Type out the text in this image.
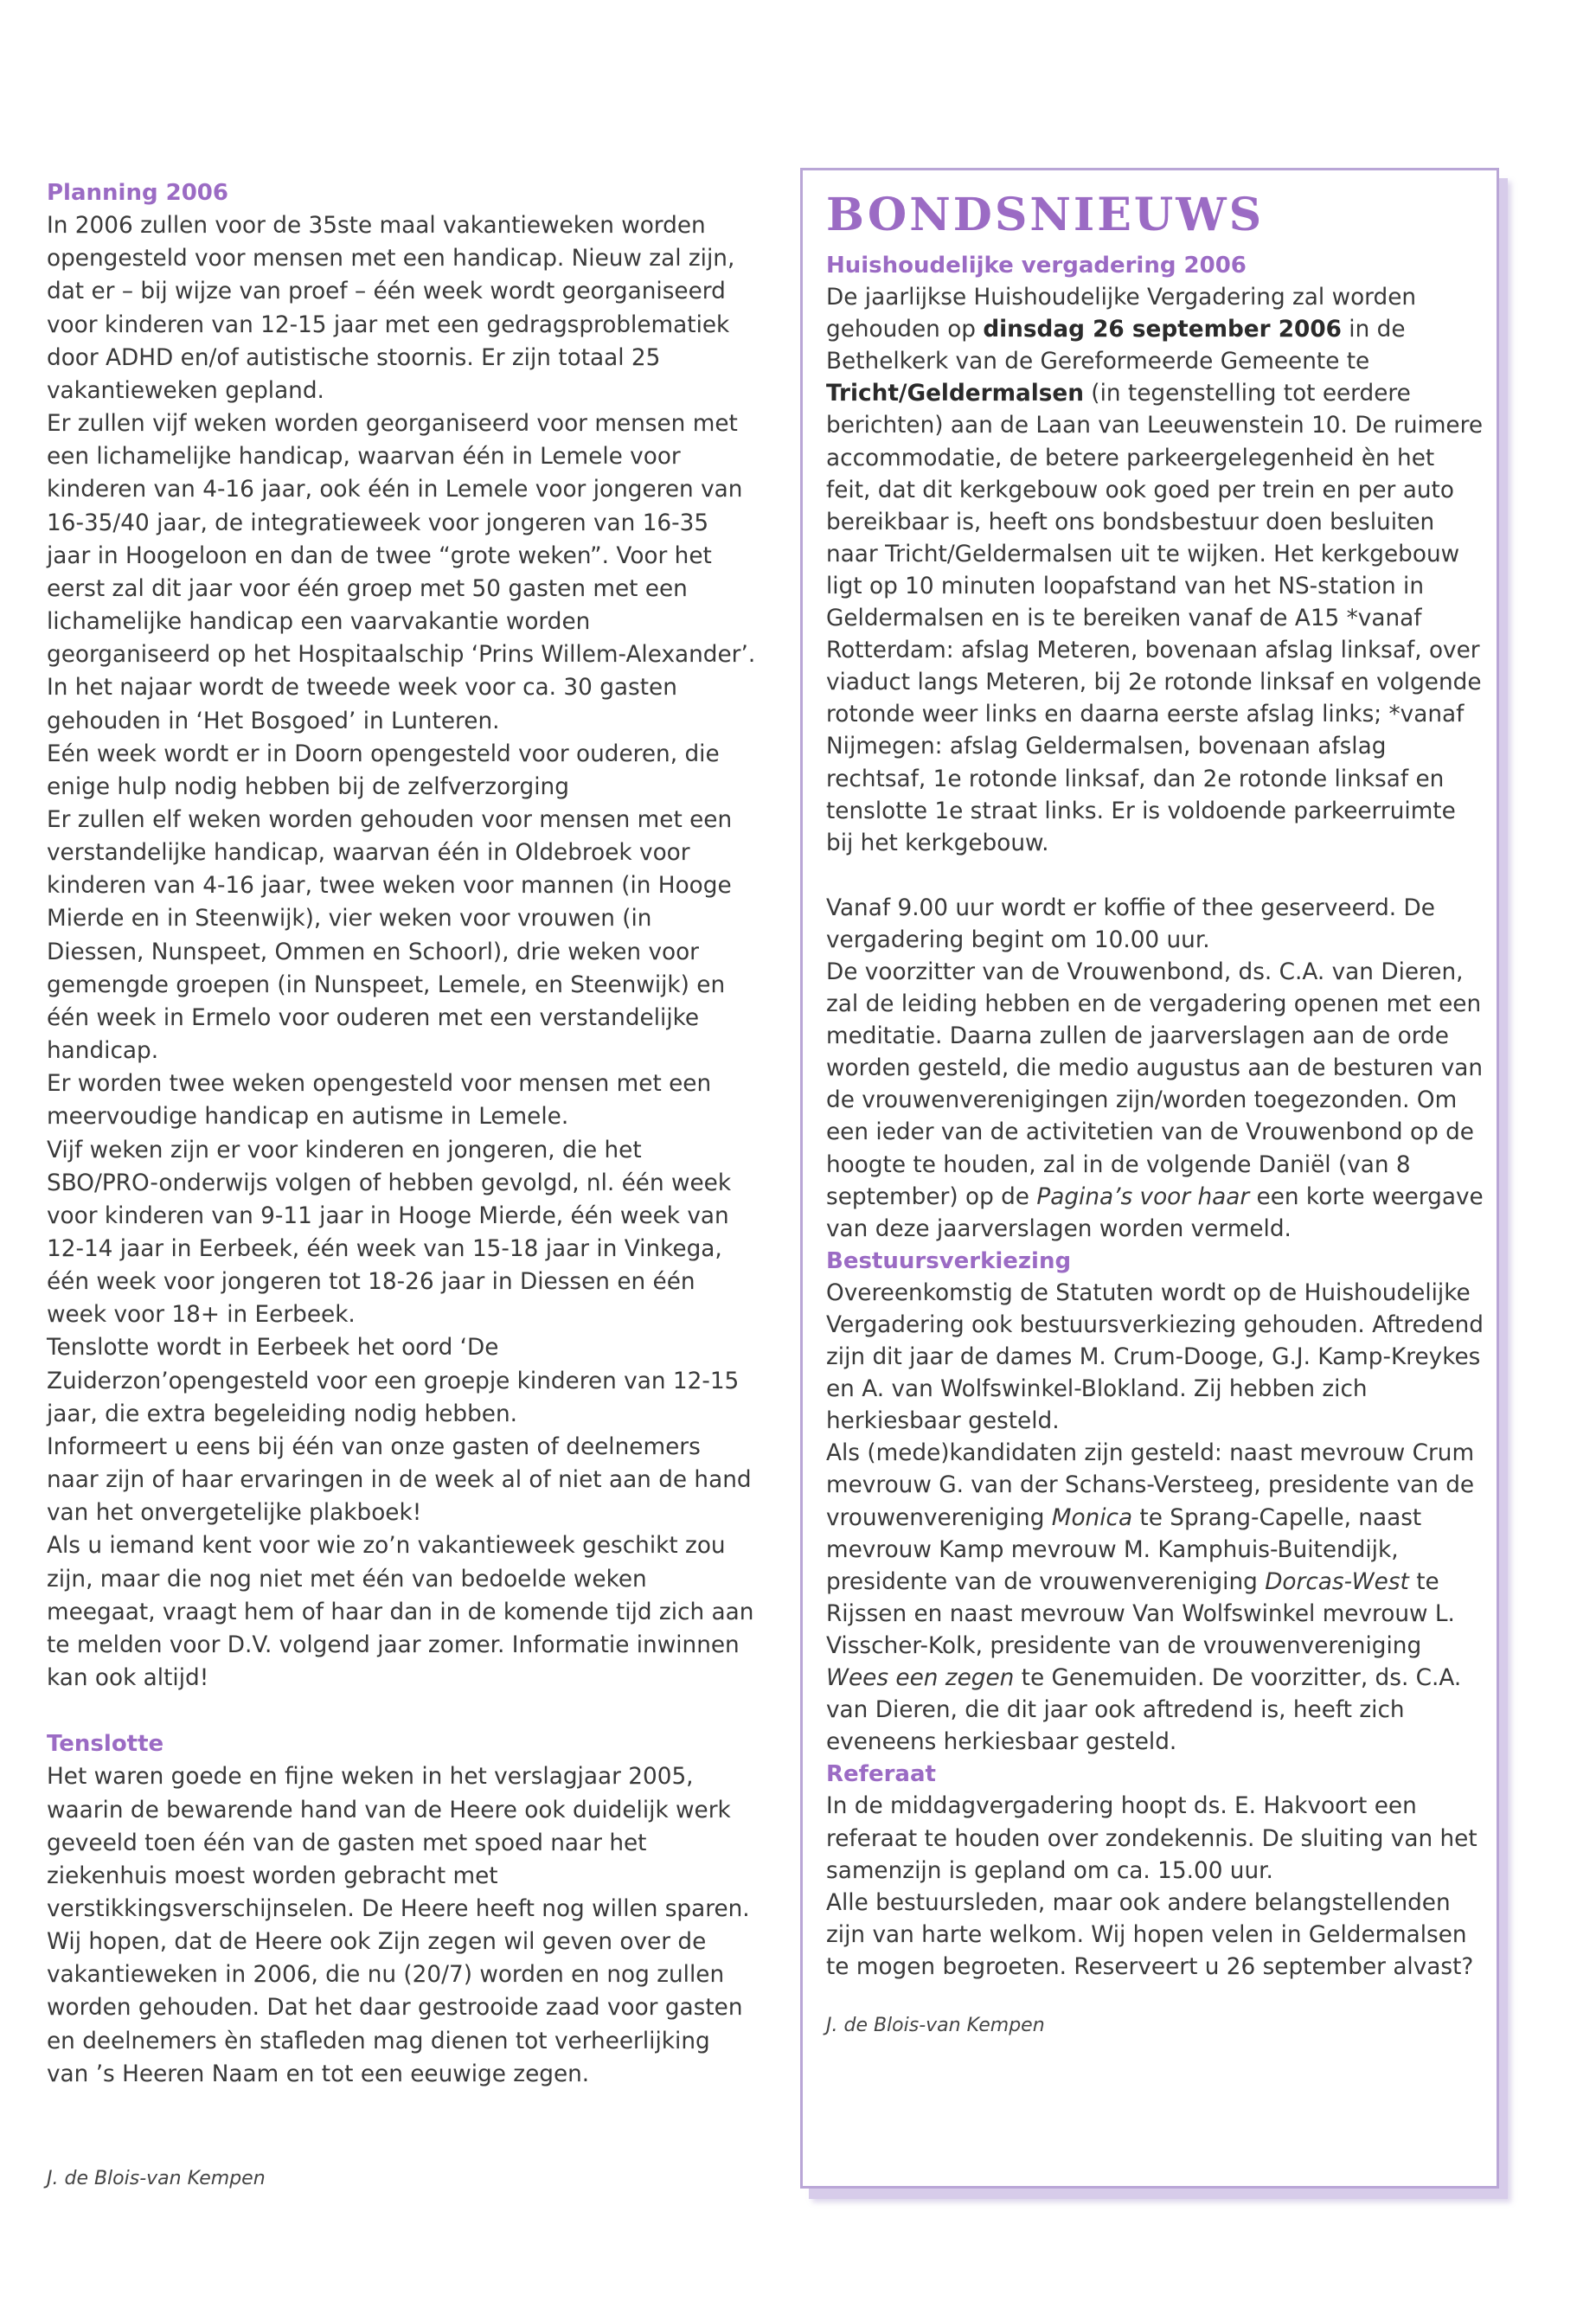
Planning 2006

In 2006 zullen voor de 35ste maal vakantieweken worden opengesteld voor mensen met een handicap. Nieuw zal zijn, dat er – bij wijze van proef – één week wordt georganiseerd voor kinderen van 12-15 jaar met een gedragsproblematiek door ADHD en/of autistische stoornis. Er zijn totaal 25 vakantieweken gepland.

Er zullen vijf weken worden georganiseerd voor mensen met een lichamelijke handicap, waarvan één in Lemele voor kinderen van 4-16 jaar, ook één in Lemele voor jongeren van 16-35/40 jaar, de integratieweek voor jongeren van 16-35 jaar in Hoogeloon en dan de twee “grote weken”. Voor het eerst zal dit jaar voor één groep met 50 gasten met een lichamelijke handicap een vaarvakantie worden georganiseerd op het Hospitaalschip ‘Prins Willem-Alexander’. In het najaar wordt de tweede week voor ca. 30 gasten gehouden in ‘Het Bosgoed’ in Lunteren.

Eén week wordt er in Doorn opengesteld voor ouderen, die enige hulp nodig hebben bij de zelfverzorging

Er zullen elf weken worden gehouden voor mensen met een verstandelijke handicap, waarvan één in Oldebroek voor kinderen van 4-16 jaar, twee weken voor mannen (in Hooge Mierde en in Steenwijk), vier weken voor vrouwen (in Diessen, Nunspeet, Ommen en Schoorl), drie weken voor gemengde groepen (in Nunspeet, Lemele, en Steenwijk) en één week in Ermelo voor ouderen met een verstandelijke handicap.

Er worden twee weken opengesteld voor mensen met een meervoudige handicap en autisme in Lemele.

Vijf weken zijn er voor kinderen en jongeren, die het SBO/PRO-onderwijs volgen of hebben gevolgd, nl. één week voor kinderen van 9-11 jaar in Hooge Mierde, één week van 12-14 jaar in Eerbeek, één week van 15-18 jaar in Vinkega, één week voor jongeren tot 18-26 jaar in Diessen en één week voor 18+ in Eerbeek.

Tenslotte wordt in Eerbeek het oord ‘De Zuiderzon’opengesteld voor een groepje kinderen van 12-15 jaar, die extra begeleiding nodig hebben.

Informeert u eens bij één van onze gasten of deelnemers naar zijn of haar ervaringen in de week al of niet aan de hand van het onvergetelijke plakboek!

Als u iemand kent voor wie zo’n vakantieweek geschikt zou zijn, maar die nog niet met één van bedoelde weken meegaat, vraagt hem of haar dan in de komende tijd zich aan te melden voor D.V. volgend jaar zomer. Informatie inwinnen kan ook altijd!

Tenslotte

Het waren goede en fijne weken in het verslagjaar 2005, waarin de bewarende hand van de Heere ook duidelijk werk geveeld toen één van de gasten met spoed naar het ziekenhuis moest worden gebracht met verstikkingsverschijnselen. De Heere heeft nog willen sparen.

Wij hopen, dat de Heere ook Zijn zegen wil geven over de vakantieweken in 2006, die nu (20/7) worden en nog zullen worden gehouden. Dat het daar gestrooide zaad voor gasten en deelnemers èn stafleden mag dienen tot verheerlijking van ’s Heeren Naam en tot een eeuwige zegen.

J. de Blois-van Kempen
BONDSNIEUWS
Huishoudelijke vergadering 2006

De jaarlijkse Huishoudelijke Vergadering zal worden gehouden op dinsdag 26 september 2006 in de Bethelkerk van de Gereformeerde Gemeente te Tricht/Geldermalsen (in tegenstelling tot eerdere berichten) aan de Laan van Leeuwenstein 10. De ruimere accommodatie, de betere parkeergelegenheid èn het feit, dat dit kerkgebouw ook goed per trein en per auto bereikbaar is, heeft ons bondsbestuur doen besluiten naar Tricht/Geldermalsen uit te wijken. Het kerkgebouw ligt op 10 minuten loopafstand van het NS-station in Geldermalsen en is te bereiken vanaf de A15 *vanaf Rotterdam: afslag Meteren, bovenaan afslag linksaf, over viaduct langs Meteren, bij 2e rotonde linksaf en volgende rotonde weer links en daarna eerste afslag links; *vanaf Nijmegen: afslag Geldermalsen, bovenaan afslag rechtsaf, 1e rotonde linksaf, dan 2e rotonde linksaf en tenslotte 1e straat links. Er is voldoende parkeerruimte bij het kerkgebouw.

Vanaf 9.00 uur wordt er koffie of thee geserveerd. De vergadering begint om 10.00 uur.

De voorzitter van de Vrouwenbond, ds. C.A. van Dieren, zal de leiding hebben en de vergadering openen met een meditatie. Daarna zullen de jaarverslagen aan de orde worden gesteld, die medio augustus aan de besturen van de vrouwenverenigingen zijn/worden toegezonden. Om een ieder van de activitetien van de Vrouwenbond op de hoogte te houden, zal in de volgende Daniël (van 8 september) op de Pagina’s voor haar een korte weergave van deze jaarverslagen worden vermeld.

Bestuursverkiezing

Overeenkomstig de Statuten wordt op de Huishoudelijke Vergadering ook bestuursverkiezing gehouden. Aftredend zijn dit jaar de dames M. Crum-Dooge, G.J. Kamp-Kreykes en A. van Wolfswinkel-Blokland. Zij hebben zich herkiesbaar gesteld.

Als (mede)kandidaten zijn gesteld: naast mevrouw Crum mevrouw G. van der Schans-Versteeg, presidente van de vrouwenvereniging Monica te Sprang-Capelle, naast mevrouw Kamp mevrouw M. Kamphuis-Buitendijk, presidente van de vrouwenvereniging Dorcas-West te Rijssen en naast mevrouw Van Wolfswinkel mevrouw L. Visscher-Kolk, presidente van de vrouwenvereniging Wees een zegen te Genemuiden. De voorzitter, ds. C.A. van Dieren, die dit jaar ook aftredend is, heeft zich eveneens herkiesbaar gesteld.

Referaat

In de middagvergadering hoopt ds. E. Hakvoort een referaat te houden over zondekennis. De sluiting van het samenzijn is gepland om ca. 15.00 uur.

Alle bestuursleden, maar ook andere belangstellenden zijn van harte welkom. Wij hopen velen in Geldermalsen te mogen begroeten. Reserveert u 26 september alvast?

J. de Blois-van Kempen
